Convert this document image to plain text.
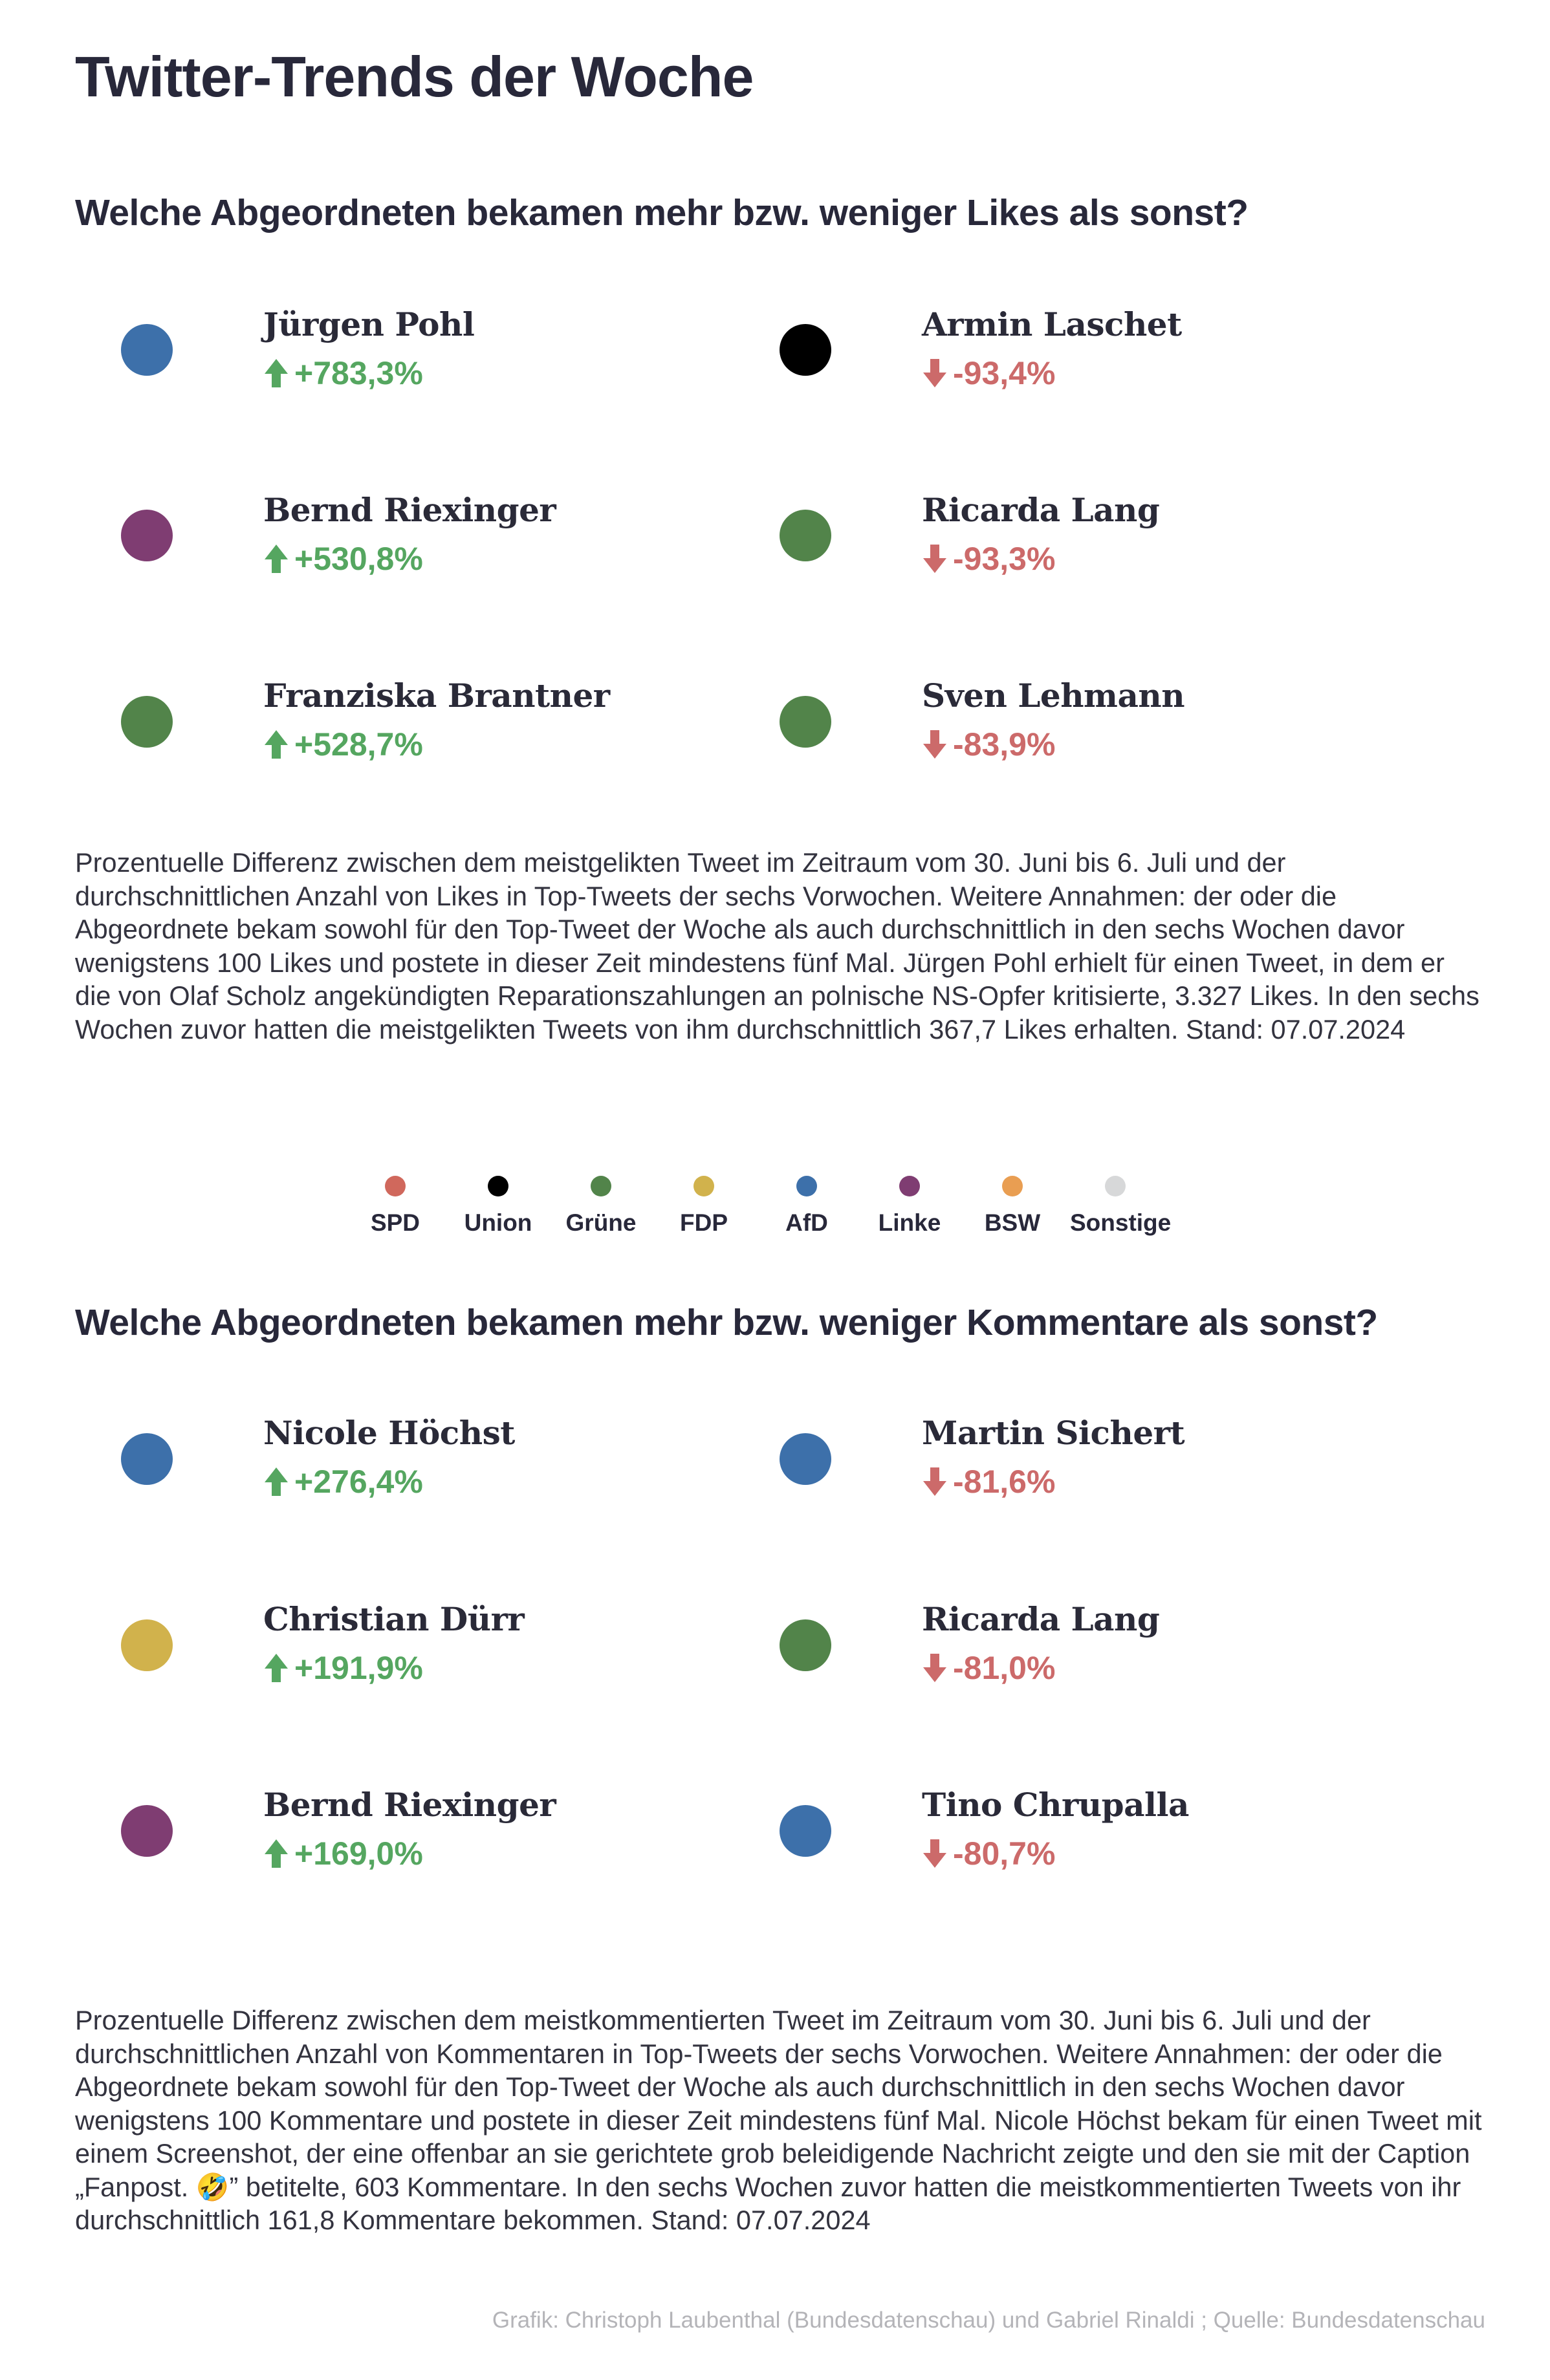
Twitter-Trends der Woche
Welche Abgeordneten bekamen mehr bzw. weniger Likes als sonst?
Jürgen Pohl
+783,3%
Bernd Riexinger
+530,8%
Franziska Brantner
+528,7%
Armin Laschet
-93,4%
Ricarda Lang
-93,3%
Sven Lehmann
-83,9%
Prozentuelle Differenz zwischen dem meistgelikten Tweet im Zeitraum vom 30. Juni bis 6. Juli und der durchschnittlichen Anzahl von Likes in Top-Tweets der sechs Vorwochen. Weitere Annahmen: der oder die Abgeordnete bekam sowohl für den Top-Tweet der Woche als auch durchschnittlich in den sechs Wochen davor wenigstens 100 Likes und postete in dieser Zeit mindestens fünf Mal. Jürgen Pohl erhielt für einen Tweet, in dem er die von Olaf Scholz angekündigten Reparationszahlungen an polnische NS-Opfer kritisierte, 3.327 Likes. In den sechs Wochen zuvor hatten die meistgelikten Tweets von ihm durchschnittlich 367,7 Likes erhalten. Stand: 07.07.2024
SPD	Union	Grüne	FDP	AfD	Linke	BSW	Sonstige
Welche Abgeordneten bekamen mehr bzw. weniger Kommentare als sonst?
Nicole Höchst
+276,4%
Christian Dürr
+191,9%
Bernd Riexinger
+169,0%
Martin Sichert
-81,6%
Ricarda Lang
-81,0%
Tino Chrupalla
-80,7%
Prozentuelle Differenz zwischen dem meistkommentierten Tweet im Zeitraum vom 30. Juni bis 6. Juli und der durchschnittlichen Anzahl von Kommentaren in Top-Tweets der sechs Vorwochen. Weitere Annahmen: der oder die Abgeordnete bekam sowohl für den Top-Tweet der Woche als auch durchschnittlich in den sechs Wochen davor wenigstens 100 Kommentare und postete in dieser Zeit mindestens fünf Mal. Nicole Höchst bekam für einen Tweet mit einem Screenshot, der eine offenbar an sie gerichtete grob beleidigende Nachricht zeigte und den sie mit der Caption „Fanpost. 🤣” betitelte, 603 Kommentare. In den sechs Wochen zuvor hatten die meistkommentierten Tweets von ihr durchschnittlich 161,8 Kommentare bekommen. Stand: 07.07.2024
Grafik: Christoph Laubenthal (Bundesdatenschau) und Gabriel Rinaldi ; Quelle: Bundesdatenschau
